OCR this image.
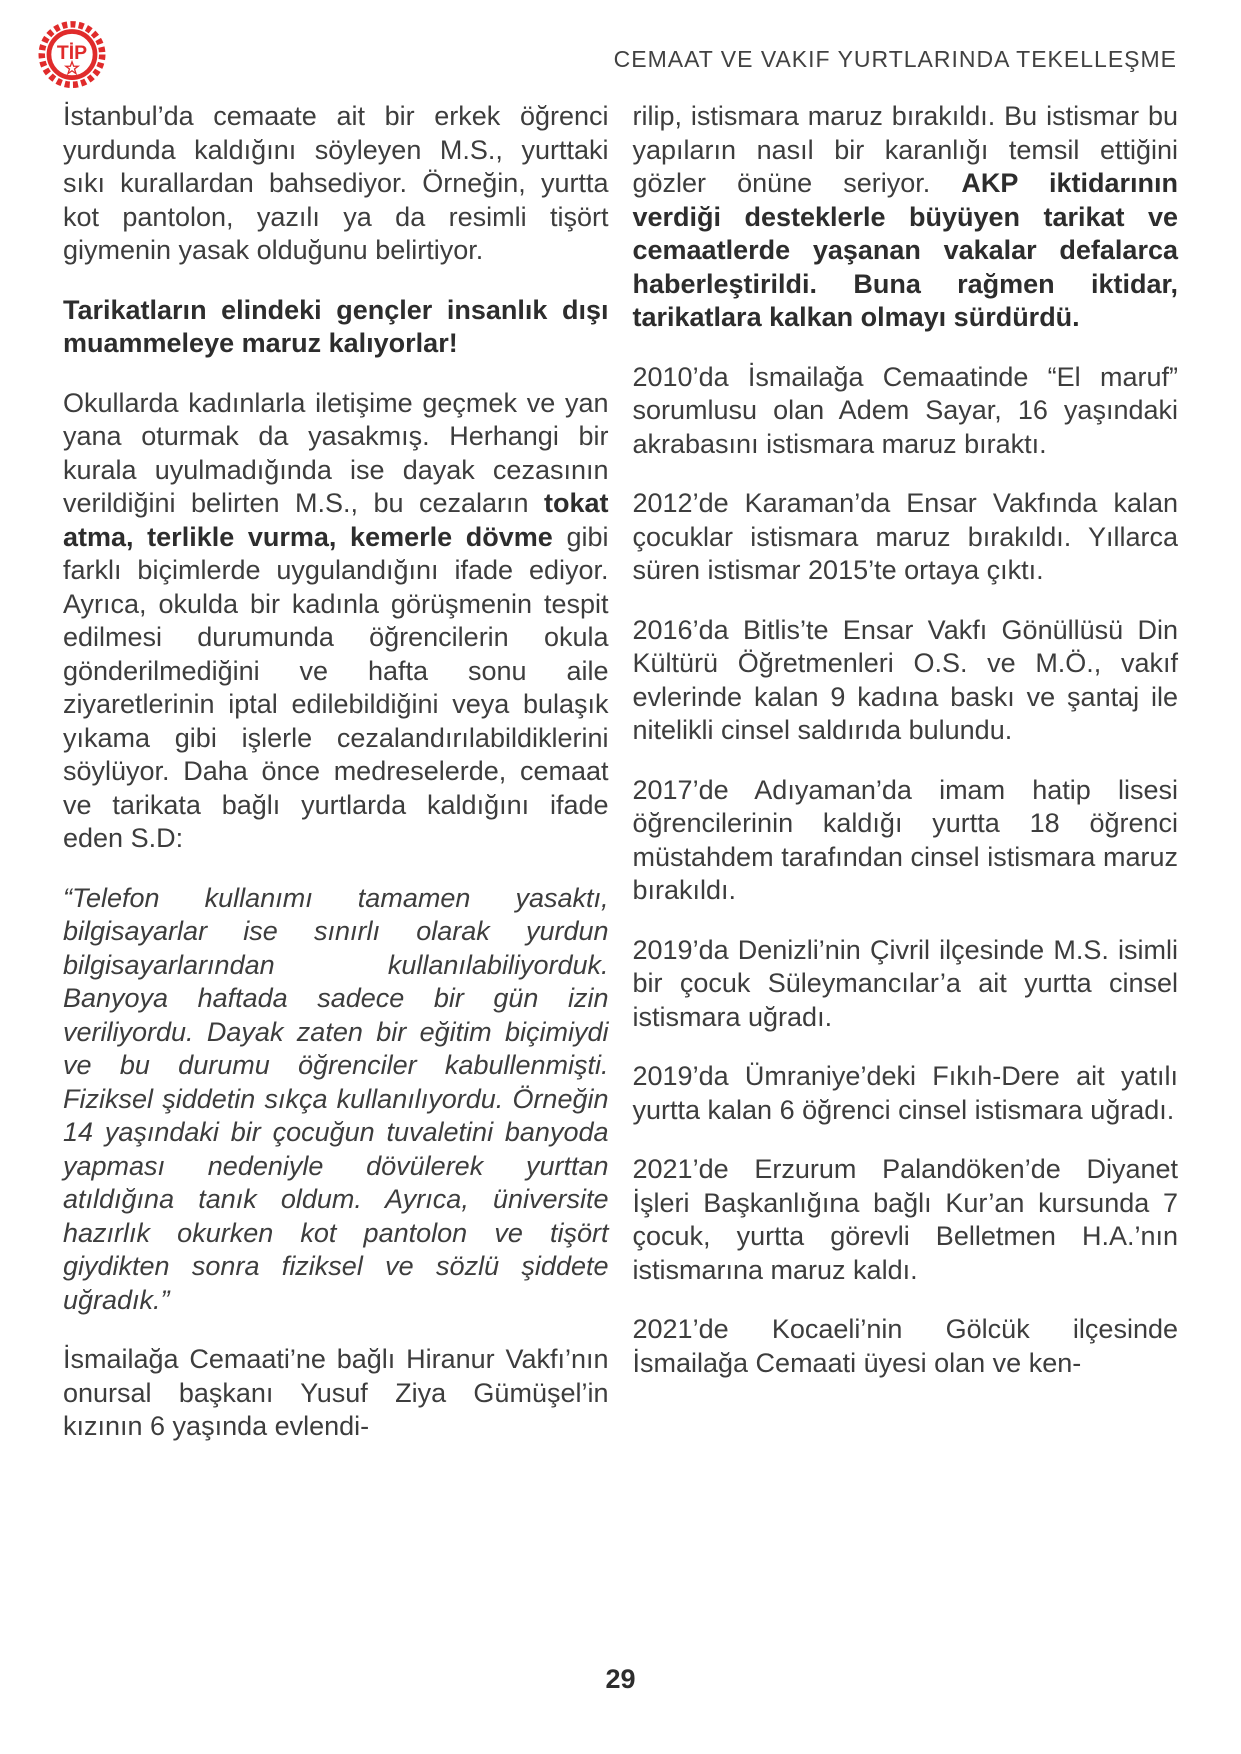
TİP	CEMAAT VE VAKIF YURTLARINDA TEKELLEŞME

İstanbul’da cemaate ait bir erkek öğrenci yurdunda kaldığını söyleyen M.S., yurttaki sıkı kurallardan bahsediyor. Örneğin, yurtta kot pantolon, yazılı ya da resimli tişört giymenin yasak olduğunu belirtiyor.

Tarikatların elindeki gençler insanlık dışı muammeleye maruz kalıyorlar!

Okullarda kadınlarla iletişime geçmek ve yan yana oturmak da yasakmış. Herhangi bir kurala uyulmadığında ise dayak cezasının verildiğini belirten M.S., bu cezaların tokat atma, terlikle vurma, kemerle dövme gibi farklı biçimlerde uygulandığını ifade ediyor. Ayrıca, okulda bir kadınla görüşmenin tespit edilmesi durumunda öğrencilerin okula gönderilmediğini ve hafta sonu aile ziyaretlerinin iptal edilebildiğini veya bulaşık yıkama gibi işlerle cezalandırılabildiklerini söylüyor. Daha önce medreselerde, cemaat ve tarikata bağlı yurtlarda kaldığını ifade eden S.D:

“Telefon kullanımı tamamen yasaktı, bilgisayarlar ise sınırlı olarak yurdun bilgisayarlarından kullanılabiliyorduk. Banyoya haftada sadece bir gün izin veriliyordu. Dayak zaten bir eğitim biçimiydi ve bu durumu öğrenciler kabullenmişti. Fiziksel şiddetin sıkça kullanılıyordu. Örneğin 14 yaşındaki bir çocuğun tuvaletini banyoda yapması nedeniyle dövülerek yurttan atıldığına tanık oldum. Ayrıca, üniversite hazırlık okurken kot pantolon ve tişört giydikten sonra fiziksel ve sözlü şiddete uğradık.”

İsmailağa Cemaati’ne bağlı Hiranur Vakfı’nın onursal başkanı Yusuf Ziya Gümüşel’in kızının 6 yaşında evlendi-

rilip, istismara maruz bırakıldı. Bu istismar bu yapıların nasıl bir karanlığı temsil ettiğini gözler önüne seriyor. AKP iktidarının verdiği desteklerle büyüyen tarikat ve cemaatlerde yaşanan vakalar defalarca haberleştirildi. Buna rağmen iktidar, tarikatlara kalkan olmayı sürdürdü.

2010’da İsmailağa Cemaatinde “El maruf” sorumlusu olan Adem Sayar, 16 yaşındaki akrabasını istismara maruz bıraktı.

2012’de Karaman’da Ensar Vakfında kalan çocuklar istismara maruz bırakıldı. Yıllarca süren istismar 2015’te ortaya çıktı.

2016’da Bitlis’te Ensar Vakfı Gönüllüsü Din Kültürü Öğretmenleri O.S. ve M.Ö., vakıf evlerinde kalan 9 kadına baskı ve şantaj ile nitelikli cinsel saldırıda bulundu.

2017’de Adıyaman’da imam hatip lisesi öğrencilerinin kaldığı yurtta 18 öğrenci müstahdem tarafından cinsel istismara maruz bırakıldı.

2019’da Denizli’nin Çivril ilçesinde M.S. isimli bir çocuk Süleymancılar’a ait yurtta cinsel istismara uğradı.

2019’da Ümraniye’deki Fıkıh-Dere ait yatılı yurtta kalan 6 öğrenci cinsel istismara uğradı.

2021’de Erzurum Palandöken’de Diyanet İşleri Başkanlığına bağlı Kur’an kursunda 7 çocuk, yurtta görevli Belletmen H.A.’nın istismarına maruz kaldı.

2021’de Kocaeli’nin Gölcük ilçesinde İsmailağa Cemaati üyesi olan ve ken-

29
